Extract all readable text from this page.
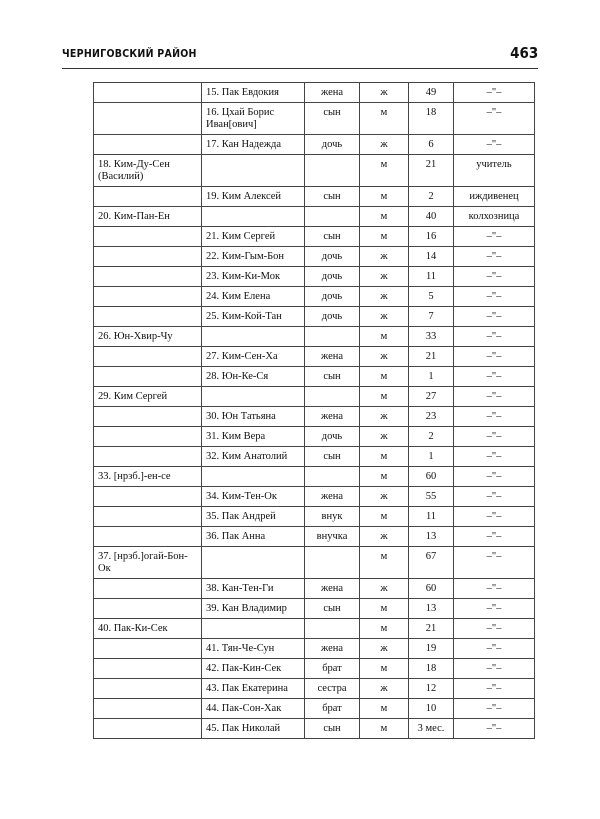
ЧЕРНИГОВСКИЙ РАЙОН	463
	15. Пак Евдокия	жена	ж	49	–"–
	16. Цхай Борис Иван[ович]	сын	м	18	–"–
	17. Кан Надежда	дочь	ж	6	–"–
18. Ким-Ду-Сен (Василий)			м	21	учитель
	19. Ким Алексей	сын	м	2	иждивенец
20. Ким-Пан-Ен			м	40	колхозница
	21. Ким Сергей	сын	м	16	–"–
	22. Ким-Гым-Бон	дочь	ж	14	–"–
	23. Ким-Ки-Мок	дочь	ж	11	–"–
	24. Ким Елена	дочь	ж	5	–"–
	25. Ким-Кой-Тан	дочь	ж	7	–"–
26. Юн-Хвир-Чу			м	33	–"–
	27. Ким-Сен-Ха	жена	ж	21	–"–
	28. Юн-Ке-Ся	сын	м	1	–"–
29. Ким Сергей			м	27	–"–
	30. Юн Татьяна	жена	ж	23	–"–
	31. Ким Вера	дочь	ж	2	–"–
	32. Ким Анатолий	сын	м	1	–"–
33. [нрзб.]-ен-се			м	60	–"–
	34. Ким-Тен-Ок	жена	ж	55	–"–
	35. Пак Андрей	внук	м	11	–"–
	36. Пак Анна	внучка	ж	13	–"–
37. [нрзб.]огай-Бон-Ок			м	67	–"–
	38. Кан-Тен-Ги	жена	ж	60	–"–
	39. Кан Владимир	сын	м	13	–"–
40. Пак-Ки-Сек			м	21	–"–
	41. Тян-Че-Сун	жена	ж	19	–"–
	42. Пак-Кин-Сек	брат	м	18	–"–
	43. Пак Екатерина	сестра	ж	12	–"–
	44. Пак-Сон-Хак	брат	м	10	–"–
	45. Пак Николай	сын	м	3 мес.	–"–
